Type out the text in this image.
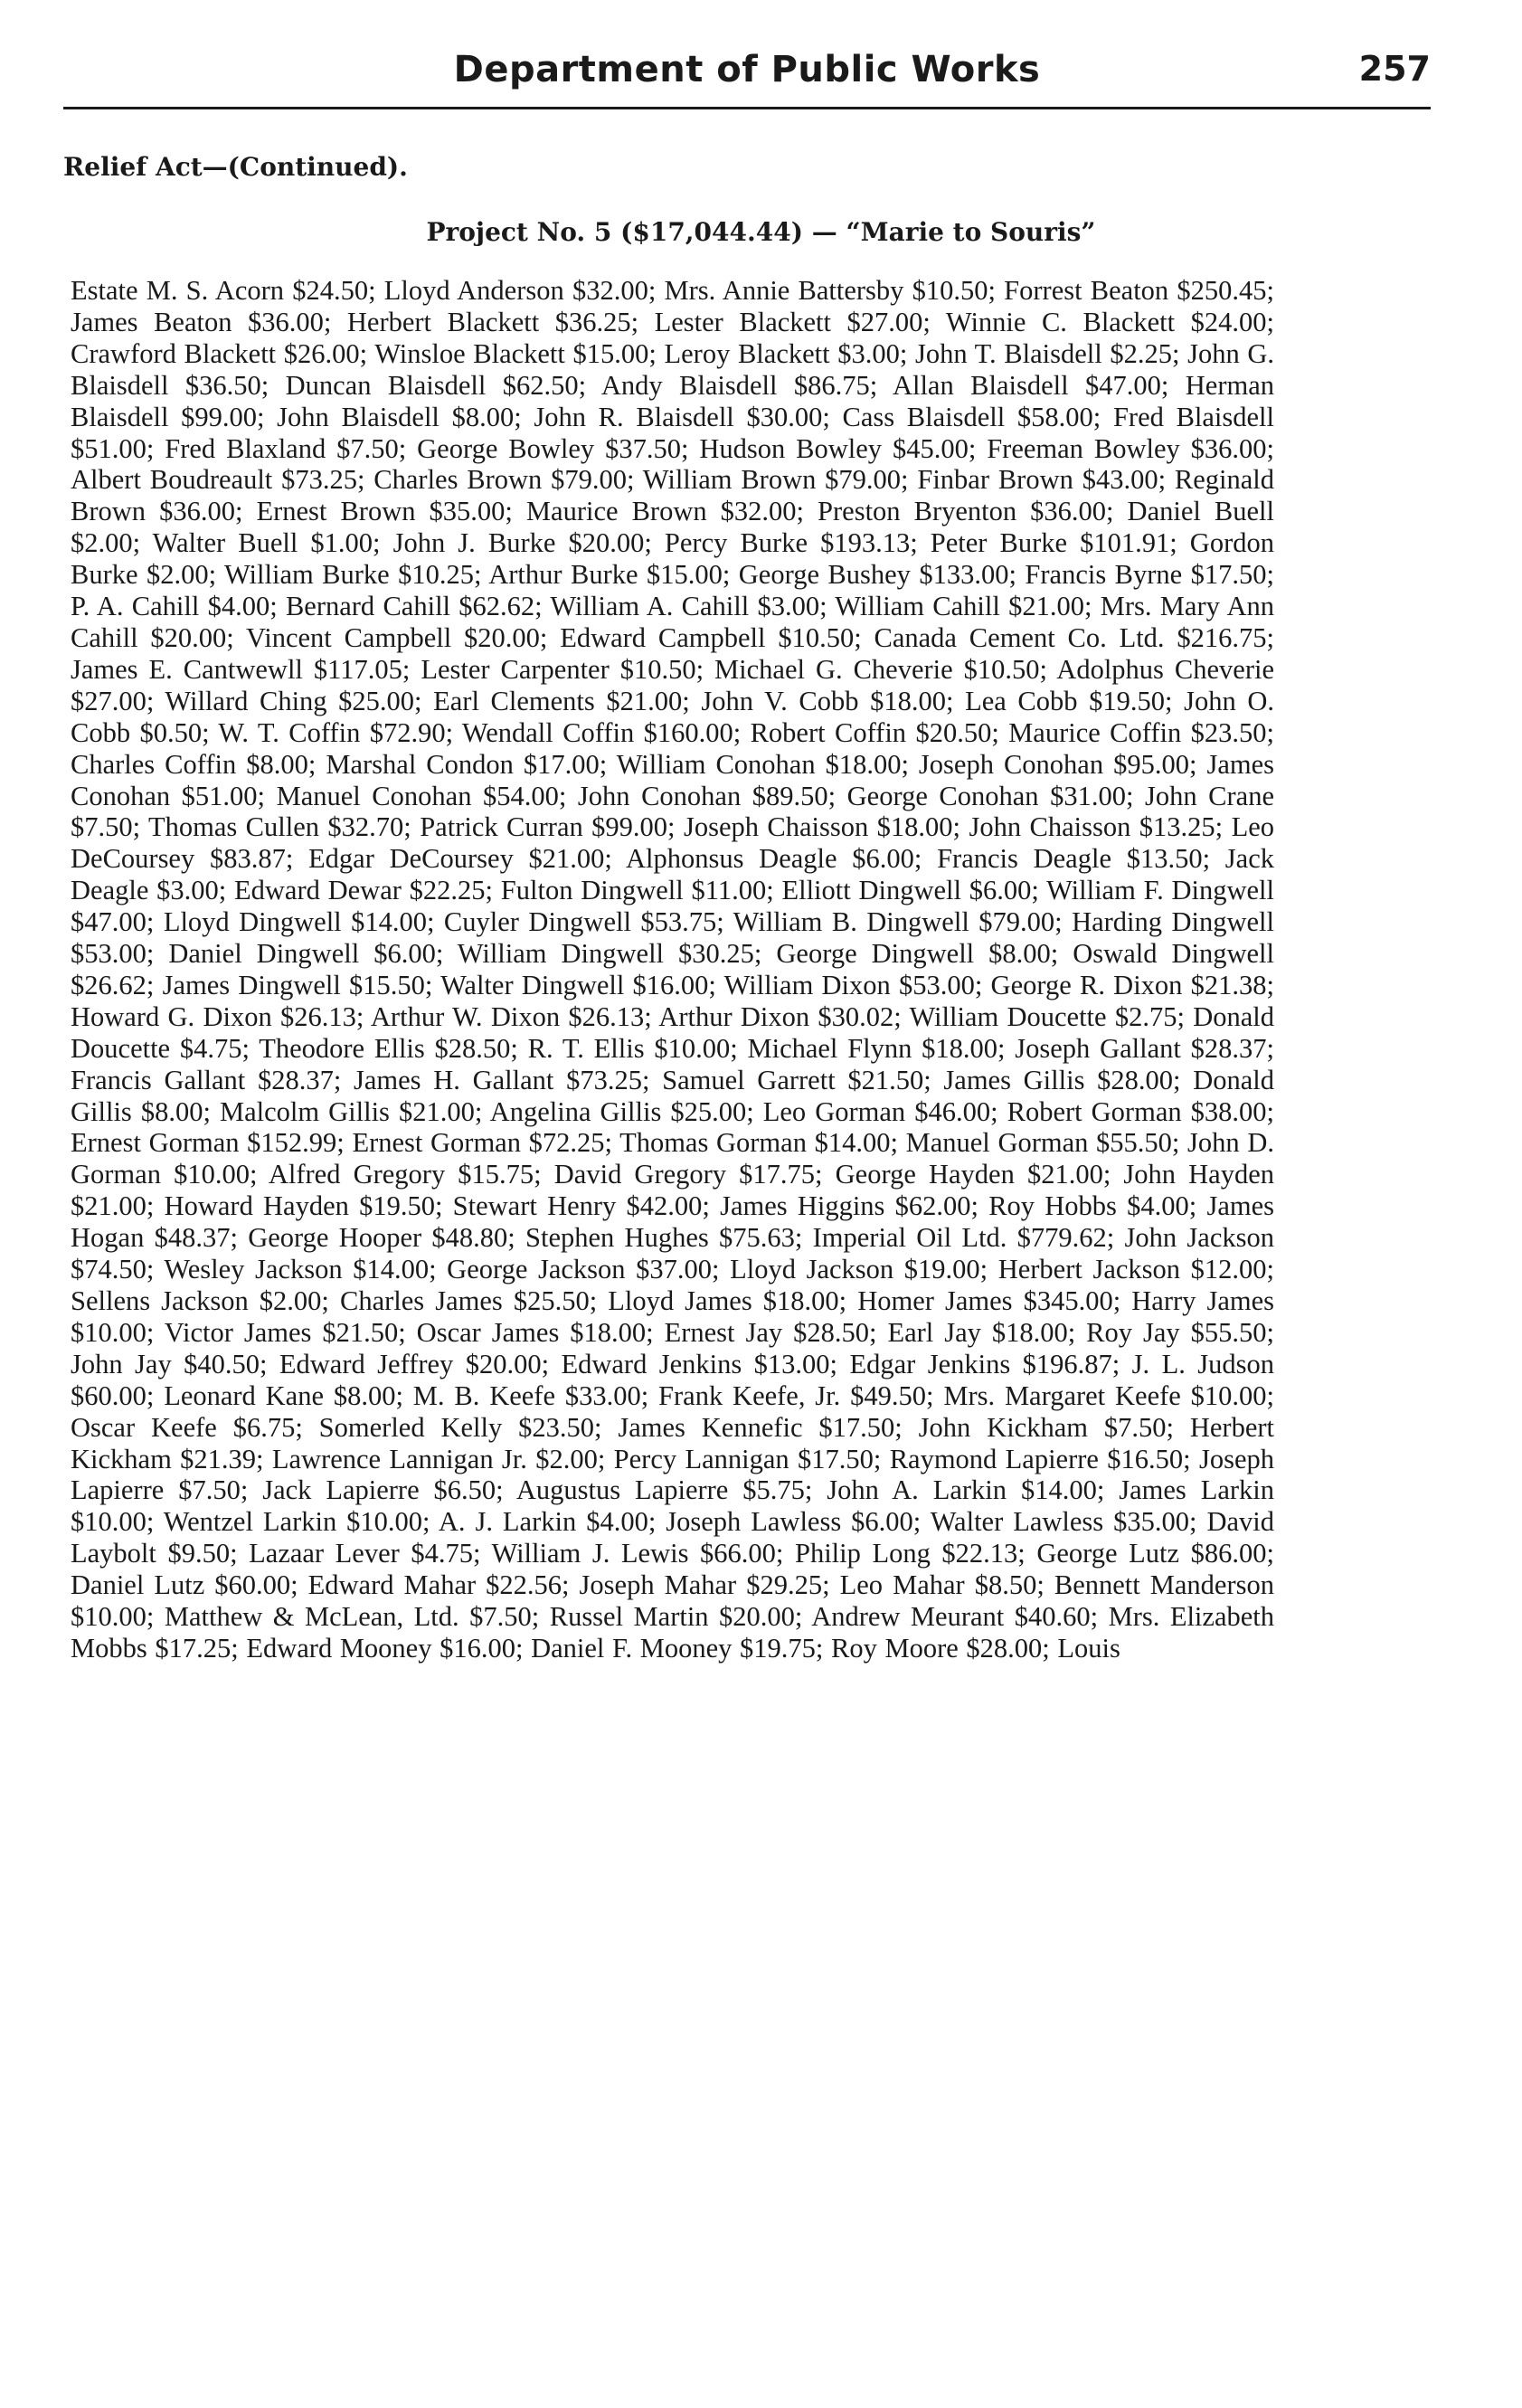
Department of Public Works	257
Relief Act—(Continued).
Project No. 5 ($17,044.44) — “Marie to Souris”
Estate M. S. Acorn $24.50; Lloyd Anderson $32.00; Mrs. Annie Battersby $10.50; Forrest Beaton $250.45; James Beaton $36.00; Herbert Blackett $36.25; Lester Blackett $27.00; Winnie C. Blackett $24.00; Crawford Blackett $26.00; Winsloe Blackett $15.00; Leroy Blackett $3.00; John T. Blaisdell $2.25; John G. Blaisdell $36.50; Duncan Blaisdell $62.50; Andy Blaisdell $86.75; Allan Blaisdell $47.00; Herman Blaisdell $99.00; John Blaisdell $8.00; John R. Blaisdell $30.00; Cass Blaisdell $58.00; Fred Blaisdell $51.00; Fred Blaxland $7.50; George Bowley $37.50; Hudson Bowley $45.00; Freeman Bowley $36.00; Albert Boudreault $73.25; Charles Brown $79.00; William Brown $79.00; Finbar Brown $43.00; Reginald Brown $36.00; Ernest Brown $35.00; Maurice Brown $32.00; Preston Bryenton $36.00; Daniel Buell $2.00; Walter Buell $1.00; John J. Burke $20.00; Percy Burke $193.13; Peter Burke $101.91; Gordon Burke $2.00; William Burke $10.25; Arthur Burke $15.00; George Bushey $133.00; Francis Byrne $17.50; P. A. Cahill $4.00; Bernard Cahill $62.62; William A. Cahill $3.00; William Cahill $21.00; Mrs. Mary Ann Cahill $20.00; Vincent Campbell $20.00; Edward Campbell $10.50; Canada Cement Co. Ltd. $216.75; James E. Cantwewll $117.05; Lester Carpenter $10.50; Michael G. Cheverie $10.50; Adolphus Cheverie $27.00; Willard Ching $25.00; Earl Clements $21.00; John V. Cobb $18.00; Lea Cobb $19.50; John O. Cobb $0.50; W. T. Coffin $72.90; Wendall Coffin $160.00; Robert Coffin $20.50; Maurice Coffin $23.50; Charles Coffin $8.00; Marshal Condon $17.00; William Conohan $18.00; Joseph Conohan $95.00; James Conohan $51.00; Manuel Conohan $54.00; John Conohan $89.50; George Conohan $31.00; John Crane $7.50; Thomas Cullen $32.70; Patrick Curran $99.00; Joseph Chaisson $18.00; John Chaisson $13.25; Leo DeCoursey $83.87; Edgar DeCoursey $21.00; Alphonsus Deagle $6.00; Francis Deagle $13.50; Jack Deagle $3.00; Edward Dewar $22.25; Fulton Dingwell $11.00; Elliott Dingwell $6.00; William F. Dingwell $47.00; Lloyd Dingwell $14.00; Cuyler Dingwell $53.75; William B. Dingwell $79.00; Harding Dingwell $53.00; Daniel Dingwell $6.00; William Dingwell $30.25; George Dingwell $8.00; Oswald Dingwell $26.62; James Dingwell $15.50; Walter Dingwell $16.00; William Dixon $53.00; George R. Dixon $21.38; Howard G. Dixon $26.13; Arthur W. Dixon $26.13; Arthur Dixon $30.02; William Doucette $2.75; Donald Doucette $4.75; Theodore Ellis $28.50; R. T. Ellis $10.00; Michael Flynn $18.00; Joseph Gallant $28.37; Francis Gallant $28.37; James H. Gallant $73.25; Samuel Garrett $21.50; James Gillis $28.00; Donald Gillis $8.00; Malcolm Gillis $21.00; Angelina Gillis $25.00; Leo Gorman $46.00; Robert Gorman $38.00; Ernest Gorman $152.99; Ernest Gorman $72.25; Thomas Gorman $14.00; Manuel Gorman $55.50; John D. Gorman $10.00; Alfred Gregory $15.75; David Gregory $17.75; George Hayden $21.00; John Hayden $21.00; Howard Hayden $19.50; Stewart Henry $42.00; James Higgins $62.00; Roy Hobbs $4.00; James Hogan $48.37; George Hooper $48.80; Stephen Hughes $75.63; Imperial Oil Ltd. $779.62; John Jackson $74.50; Wesley Jackson $14.00; George Jackson $37.00; Lloyd Jackson $19.00; Herbert Jackson $12.00; Sellens Jackson $2.00; Charles James $25.50; Lloyd James $18.00; Homer James $345.00; Harry James $10.00; Victor James $21.50; Oscar James $18.00; Ernest Jay $28.50; Earl Jay $18.00; Roy Jay $55.50; John Jay $40.50; Edward Jeffrey $20.00; Edward Jenkins $13.00; Edgar Jenkins $196.87; J. L. Judson $60.00; Leonard Kane $8.00; M. B. Keefe $33.00; Frank Keefe, Jr. $49.50; Mrs. Margaret Keefe $10.00; Oscar Keefe $6.75; Somerled Kelly $23.50; James Kennefic $17.50; John Kickham $7.50; Herbert Kickham $21.39; Lawrence Lannigan Jr. $2.00; Percy Lannigan $17.50; Raymond Lapierre $16.50; Joseph Lapierre $7.50; Jack Lapierre $6.50; Augustus Lapierre $5.75; John A. Larkin $14.00; James Larkin $10.00; Wentzel Larkin $10.00; A. J. Larkin $4.00; Joseph Lawless $6.00; Walter Lawless $35.00; David Laybolt $9.50; Lazaar Lever $4.75; William J. Lewis $66.00; Philip Long $22.13; George Lutz $86.00; Daniel Lutz $60.00; Edward Mahar $22.56; Joseph Mahar $29.25; Leo Mahar $8.50; Bennett Manderson $10.00; Matthew & McLean, Ltd. $7.50; Russel Martin $20.00; Andrew Meurant $40.60; Mrs. Elizabeth Mobbs $17.25; Edward Mooney $16.00; Daniel F. Mooney $19.75; Roy Moore $28.00; Louis
